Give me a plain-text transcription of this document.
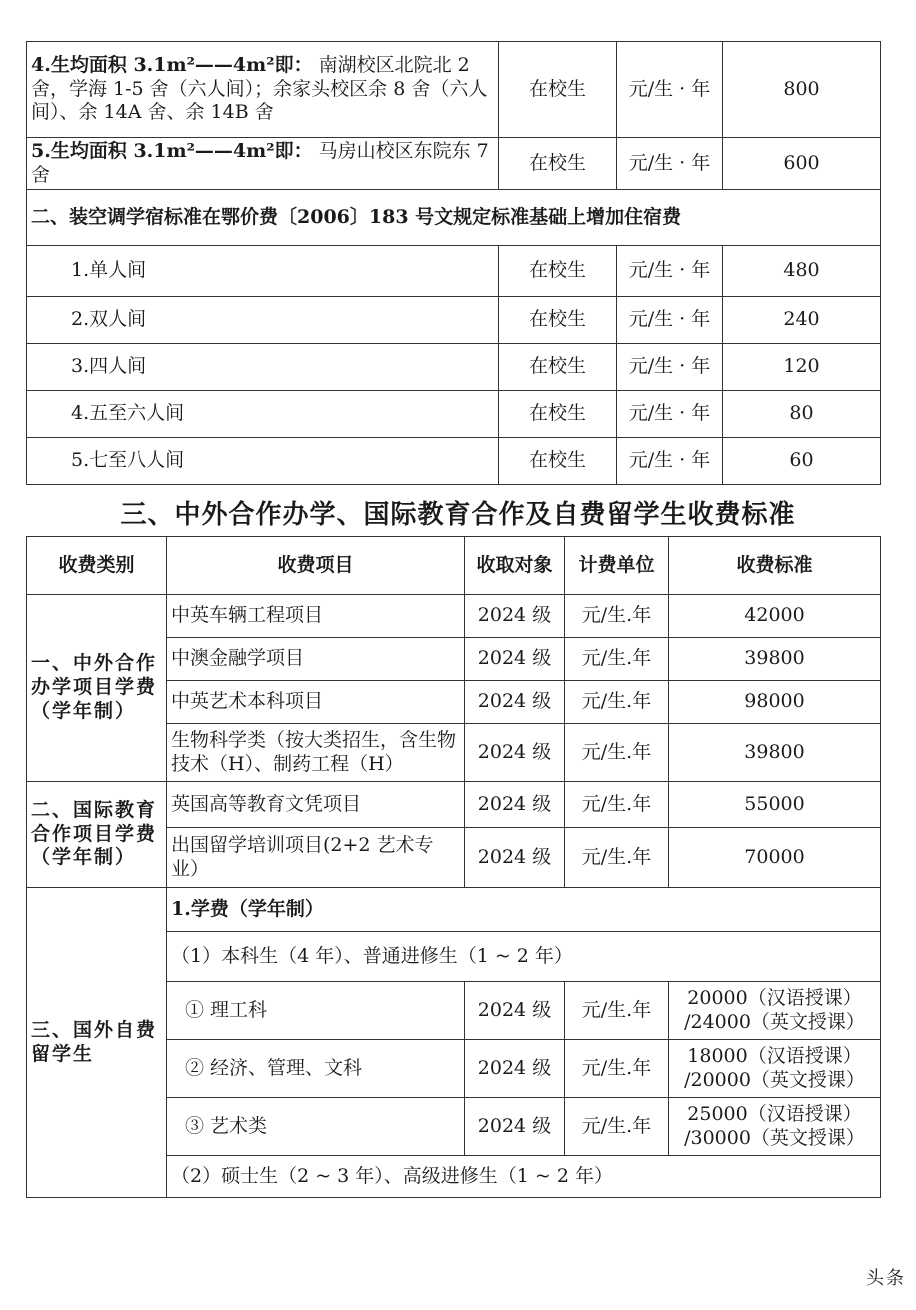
4.生均面积 3.1m²——4m²即： 南湖校区北院北 2 舍，学海 1-5 舍（六人间）；余家头校区余 8 舍（六人间）、余 14A 舍、余 14B 舍	在校生	元/生 · 年	800
5.生均面积 3.1m²——4m²即： 马房山校区东院东 7 舍	在校生	元/生 · 年	600
二、装空调学宿标准在鄂价费〔2006〕183 号文规定标准基础上增加住宿费			
1.单人间	在校生	元/生 · 年	480
2.双人间	在校生	元/生 · 年	240
3.四人间	在校生	元/生 · 年	120
4.五至六人间	在校生	元/生 · 年	80
5.七至八人间	在校生	元/生 · 年	60
三、中外合作办学、国际教育合作及自费留学生收费标准
收费类别	收费项目	收取对象	计费单位	收费标准
一、中外合作办学项目学费（学年制）	中英车辆工程项目	2024 级	元/生.年	42000
	中澳金融学项目	2024 级	元/生.年	39800
	中英艺术本科项目	2024 级	元/生.年	98000
	生物科学类（按大类招生，含生物技术（H）、制药工程（H）	2024 级	元/生.年	39800
二、国际教育合作项目学费（学年制）	英国高等教育文凭项目	2024 级	元/生.年	55000
	出国留学培训项目(2+2 艺术专业）	2024 级	元/生.年	70000
三、国外自费留学生	1.学费（学年制）			
	（1）本科生（4 年）、普通进修生（1 ~ 2 年）			
	① 理工科	2024 级	元/生.年	20000（汉语授课）
/24000（英文授课）

	② 经济、管理、文科	2024 级	元/生.年	18000（汉语授课）
/20000（英文授课）

	③ 艺术类	2024 级	元/生.年	25000（汉语授课）
/30000（英文授课）

	（2）硕士生（2 ~ 3 年）、高级进修生（1 ~ 2 年）			
头条
